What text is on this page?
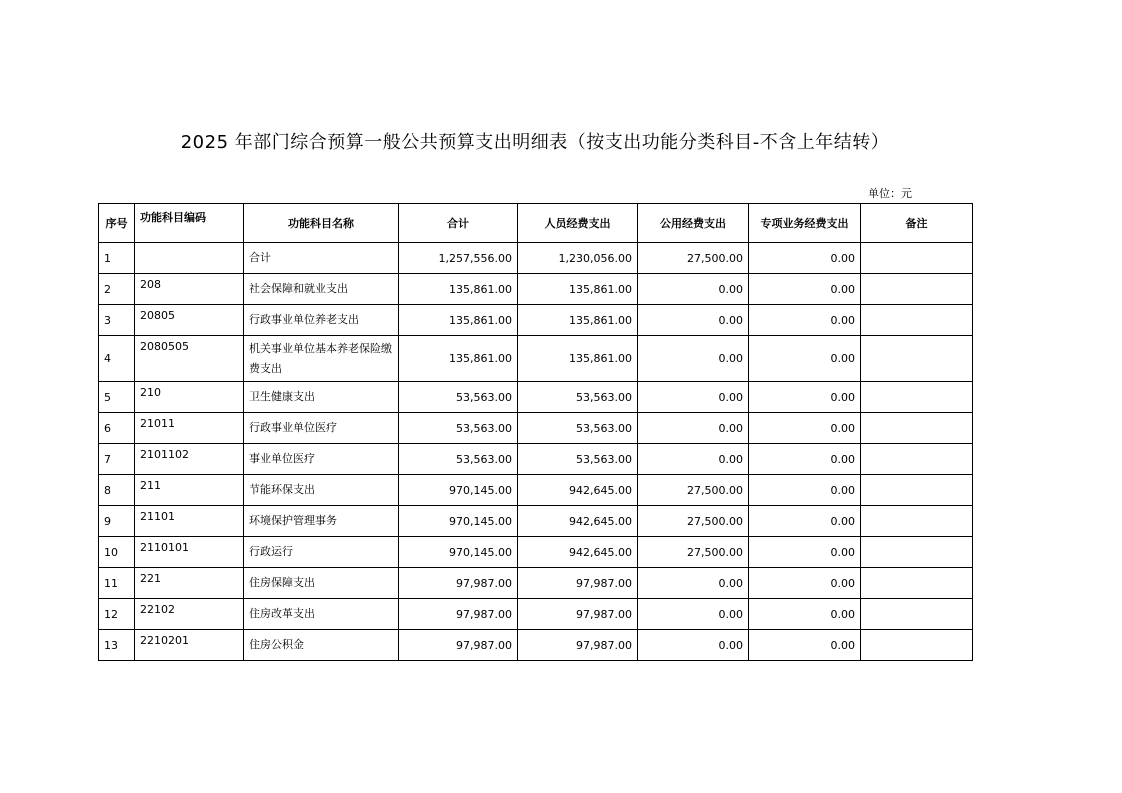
2025 年部门综合预算一般公共预算支出明细表（按支出功能分类科目-不含上年结转）
单位：元
序号	功能科目编码	功能科目名称	合计	人员经费支出	公用经费支出	专项业务经费支出	备注
1		合计	1,257,556.00	1,230,056.00	27,500.00	0.00	
2	208	社会保障和就业支出	135,861.00	135,861.00	0.00	0.00	
3	20805	行政事业单位养老支出	135,861.00	135,861.00	0.00	0.00	
4	2080505	机关事业单位基本养老保险缴费支出	135,861.00	135,861.00	0.00	0.00	
5	210	卫生健康支出	53,563.00	53,563.00	0.00	0.00	
6	21011	行政事业单位医疗	53,563.00	53,563.00	0.00	0.00	
7	2101102	事业单位医疗	53,563.00	53,563.00	0.00	0.00	
8	211	节能环保支出	970,145.00	942,645.00	27,500.00	0.00	
9	21101	环境保护管理事务	970,145.00	942,645.00	27,500.00	0.00	
10	2110101	行政运行	970,145.00	942,645.00	27,500.00	0.00	
11	221	住房保障支出	97,987.00	97,987.00	0.00	0.00	
12	22102	住房改革支出	97,987.00	97,987.00	0.00	0.00	
13	2210201	住房公积金	97,987.00	97,987.00	0.00	0.00	
